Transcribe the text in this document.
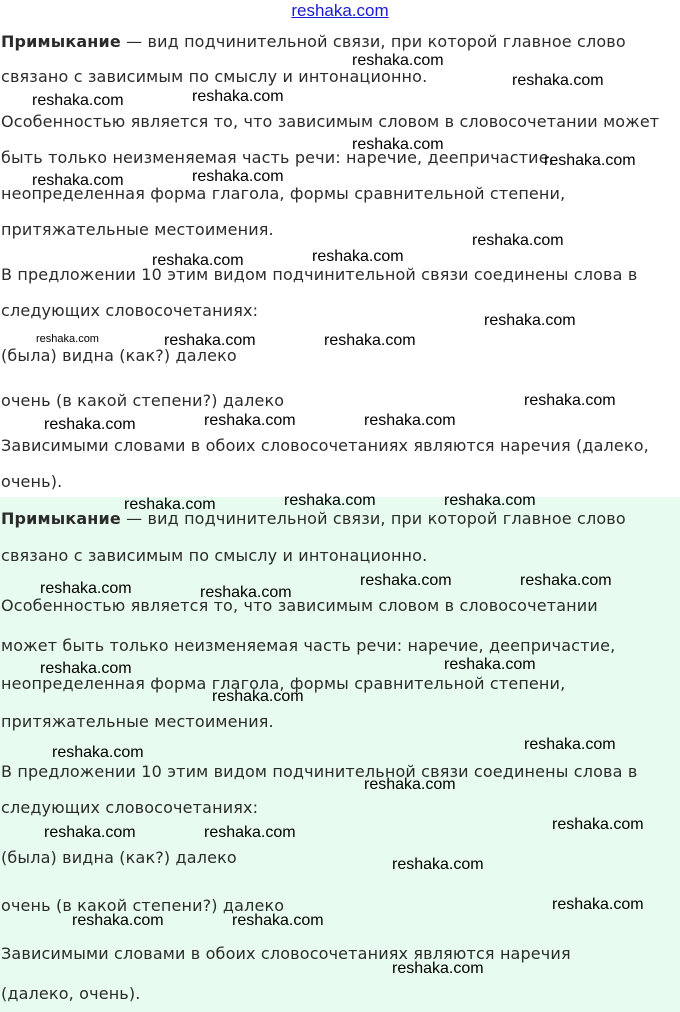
reshaka.com
Примыкание — вид подчинительной связи, при которой главное слово
связано с зависимым по смыслу и интонационно.
Особенностью является то, что зависимым словом в словосочетании может
быть только неизменяемая часть речи: наречие, деепричастие,
неопределенная форма глагола, формы сравнительной степени,
притяжательные местоимения.
В предложении 10 этим видом подчинительной связи соединены слова в
следующих словосочетаниях:
(была) видна (как?) далеко
очень (в какой степени?) далеко
Зависимыми словами в обоих словосочетаниях являются наречия (далеко,
очень).
Примыкание — вид подчинительной связи, при которой главное слово
связано с зависимым по смыслу и интонационно.
Особенностью является то, что зависимым словом в словосочетании
может быть только неизменяемая часть речи: наречие, деепричастие,
неопределенная форма глагола, формы сравнительной степени,
притяжательные местоимения.
В предложении 10 этим видом подчинительной связи соединены слова в
следующих словосочетаниях:
(была) видна (как?) далеко
очень (в какой степени?) далеко
Зависимыми словами в обоих словосочетаниях являются наречия
(далеко, очень).
reshaka.com
reshaka.com
reshaka.com	reshaka.com
reshaka.com
reshaka.com
reshaka.com	reshaka.com
reshaka.com
reshaka.com
reshaka.com
reshaka.com
reshaka.com	reshaka.com	reshaka.com
reshaka.com
reshaka.com	reshaka.com	reshaka.com
reshaka.com	reshaka.com	reshaka.com
reshaka.com	reshaka.com
reshaka.com	reshaka.com
reshaka.com	reshaka.com
reshaka.com
reshaka.com
reshaka.com
reshaka.com
reshaka.com
reshaka.com	reshaka.com
reshaka.com
reshaka.com
reshaka.com	reshaka.com
reshaka.com
